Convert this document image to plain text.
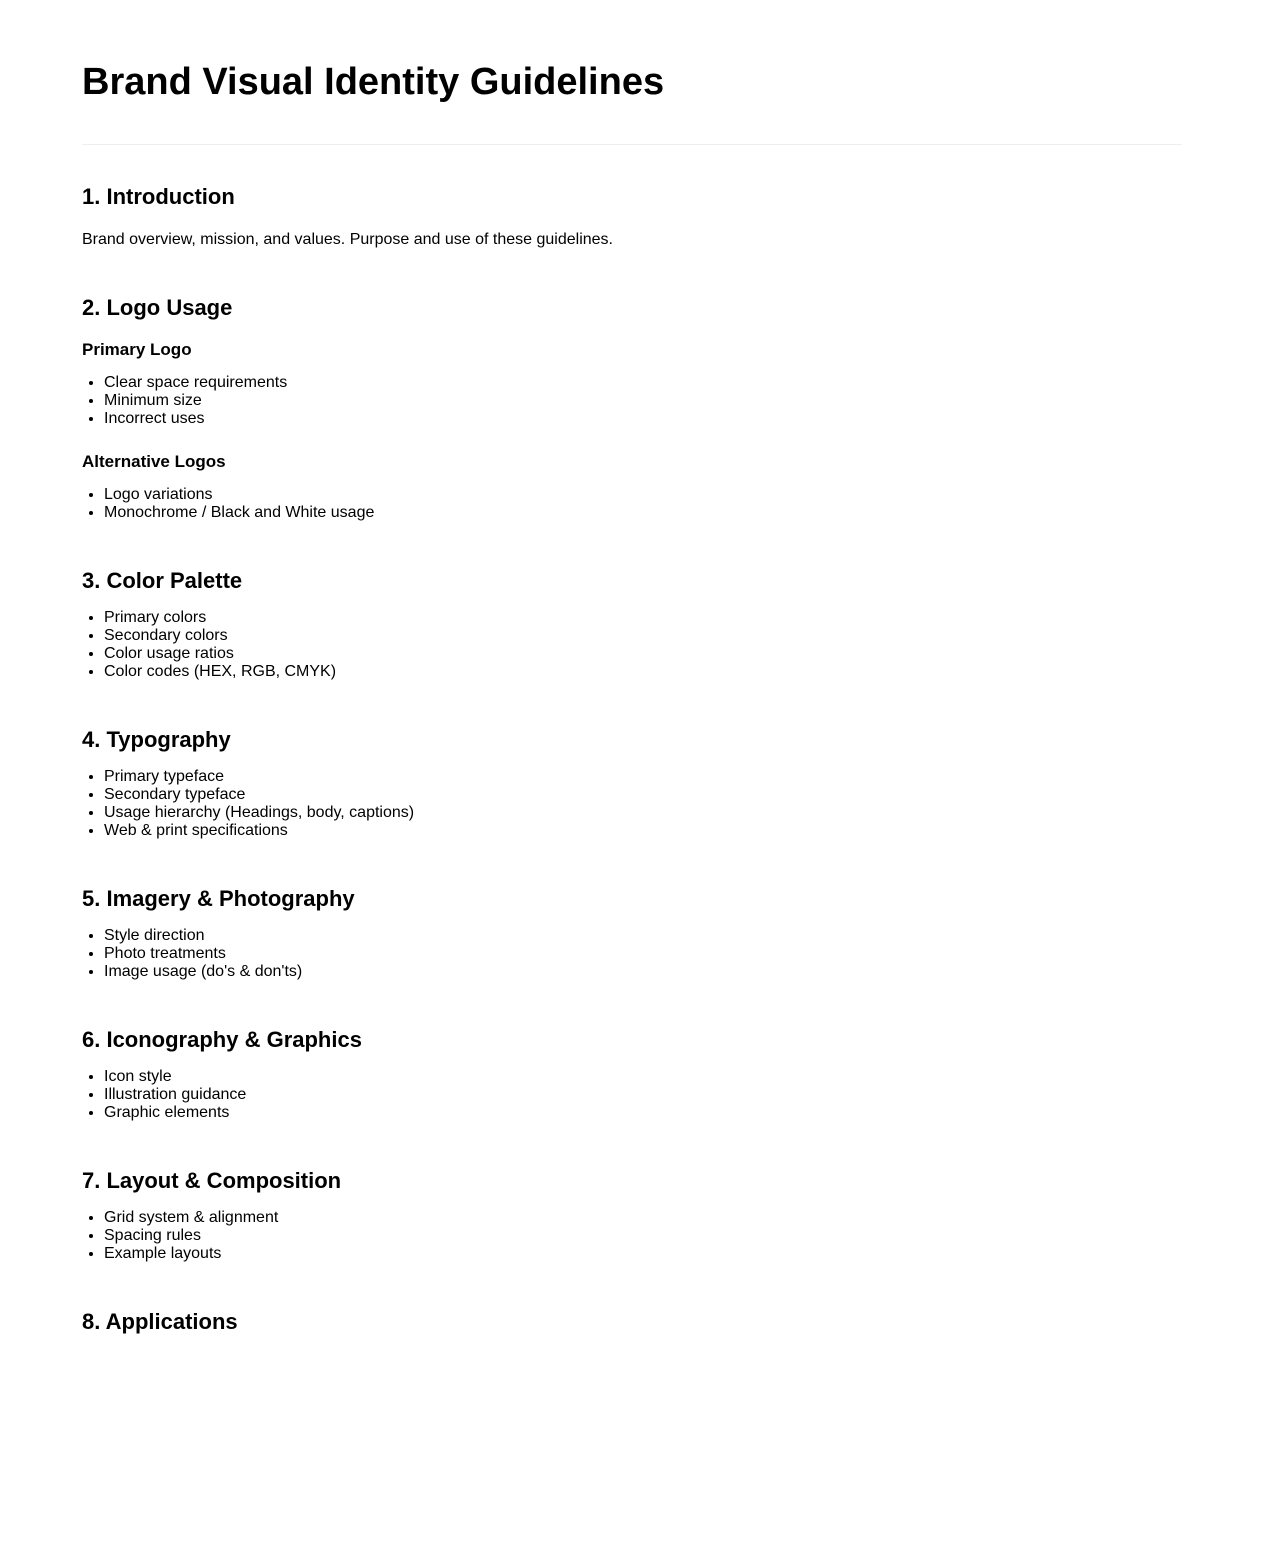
Brand Visual Identity Guidelines
1. Introduction

Brand overview, mission, and values. Purpose and use of these guidelines.

2. Logo Usage
Primary Logo
• Clear space requirements
• Minimum size
• Incorrect uses
Alternative Logos
• Logo variations
• Monochrome / Black and White usage
3. Color Palette
• Primary colors
• Secondary colors
• Color usage ratios
• Color codes (HEX, RGB, CMYK)
4. Typography
• Primary typeface
• Secondary typeface
• Usage hierarchy (Headings, body, captions)
• Web & print specifications
5. Imagery & Photography
• Style direction
• Photo treatments
• Image usage (do's & don'ts)
6. Iconography & Graphics
• Icon style
• Illustration guidance
• Graphic elements
7. Layout & Composition
• Grid system & alignment
• Spacing rules
• Example layouts
8. Applications
